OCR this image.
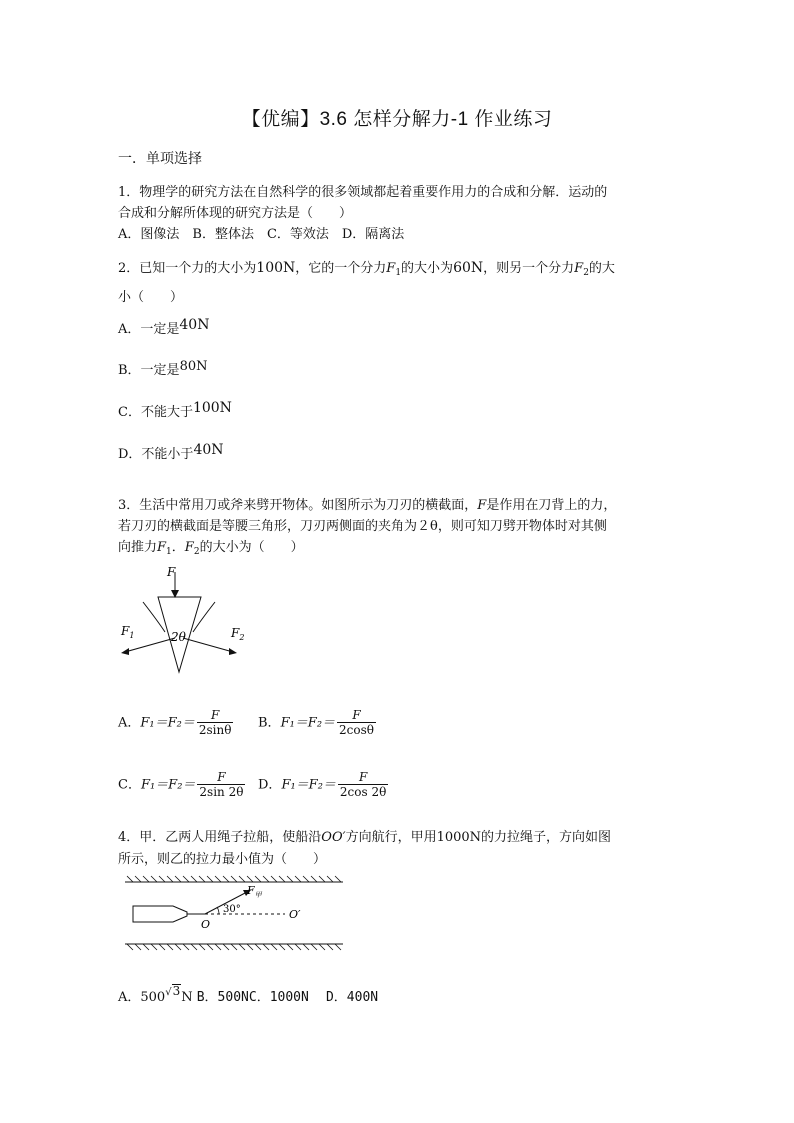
【优编】3.6 怎样分解力-1 作业练习
一．单项选择
1．物理学的研究方法在自然科学的很多领域都起着重要作用力的合成和分解．运动的
合成和分解所体现的研究方法是（　　）
A．图像法　B．整体法　C．等效法　D．隔离法
2．已知一个力的大小为100N，它的一个分力$F_1$的大小为60N，则另一个分力$F_2$的大
小（　　）
A．一定是40N
B．一定是80N
C．不能大于100N
D．不能小于40N
3．生活中常用刀或斧来劈开物体。如图所示为刀刃的横截面，F是作用在刀背上的力，
若刀刃的横截面是等腰三角形，刀刃两侧面的夹角为２θ，则可知刀劈开物体时对其侧
向推力$F_1$．$F_2$的大小为（　　）
F
$F_1$	$F_2$
2θ
A．$F_1=F_2= \frac{F}{2\sin\theta}$ B．$F_1=F_2= \frac{F}{2\cos\theta}$
C．$F_1=F_2= \frac{F}{2\sin 2\theta}$ D．$F_1=F_2= \frac{F}{2\cos 2\theta}$
4．甲．乙两人用绳子拉船，使船沿OO′方向航行，甲用1000N的力拉绳子，方向如图
所示，则乙的拉力最小值为（　　）
$F_甲$
30°
O
O′
A．500√3N B．500NC．1000N　 D．400N
